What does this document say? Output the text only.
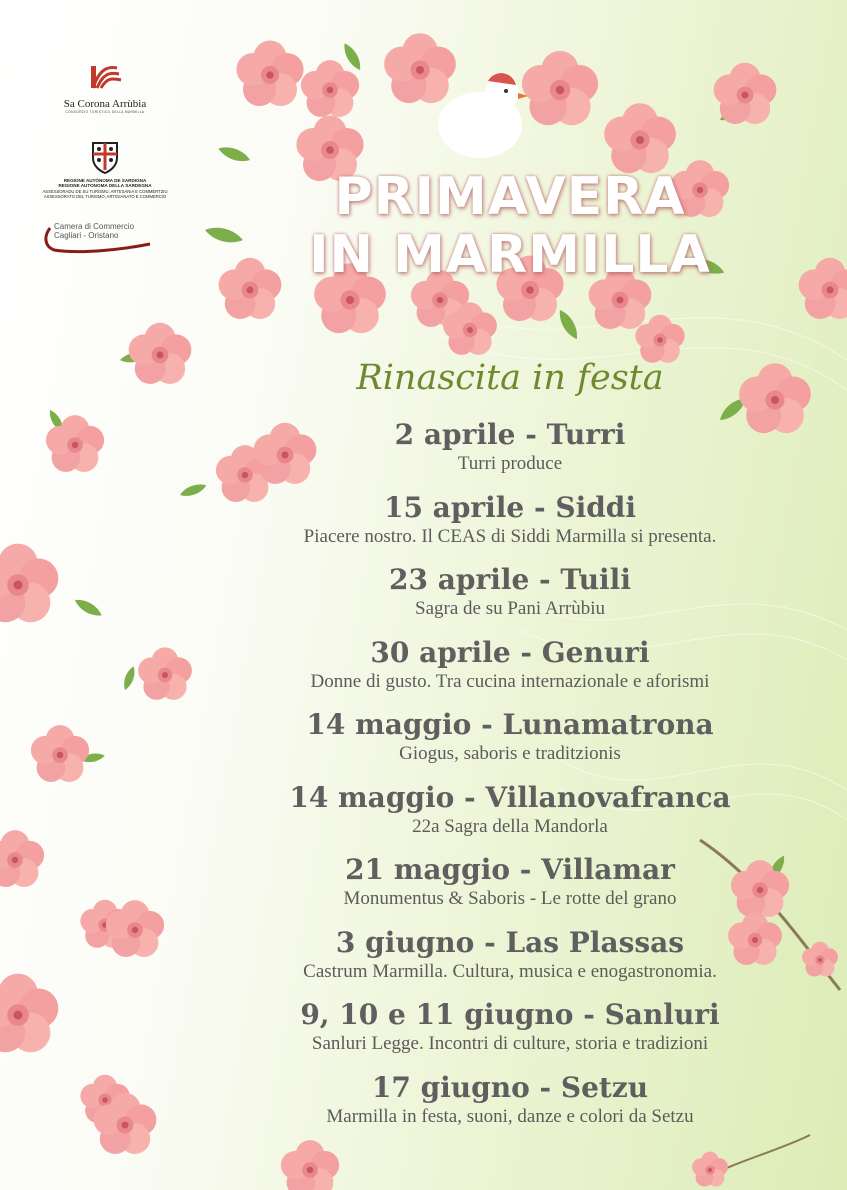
Sa Corona Arrùbia
CONSORZIO TURISTICO DELLA MARMILLA
REGIONE AUTÒNOMA DE SARDIGNA
REGIONE AUTONOMA DELLA SARDEGNA
ASSESSORADU DE SU TURISMU, ARTESANIA E COMMÈRTZIU
ASSESSORATO DEL TURISMO, ARTIGIANATO E COMMERCIO
Camera di Commercio
Cagliari - Oristano
PRIMAVERA
IN MARMILLA
Rinascita in festa
2 aprile - Turri
Turri produce
15 aprile - Siddi
Piacere nostro. Il CEAS di Siddi Marmilla si presenta.
23 aprile - Tuili
Sagra de su Pani Arrùbiu
30 aprile - Genuri
Donne di gusto. Tra cucina internazionale e aforismi
14 maggio - Lunamatrona
Giogus, saboris e traditzionis
14 maggio - Villanovafranca
22a Sagra della Mandorla
21 maggio - Villamar
Monumentus & Saboris - Le rotte del grano
3 giugno - Las Plassas
Castrum Marmilla. Cultura, musica e enogastronomia.
9, 10 e 11 giugno - Sanluri
Sanluri Legge. Incontri di culture, storia e tradizioni
17 giugno - Setzu
Marmilla in festa, suoni, danze e colori da Setzu
